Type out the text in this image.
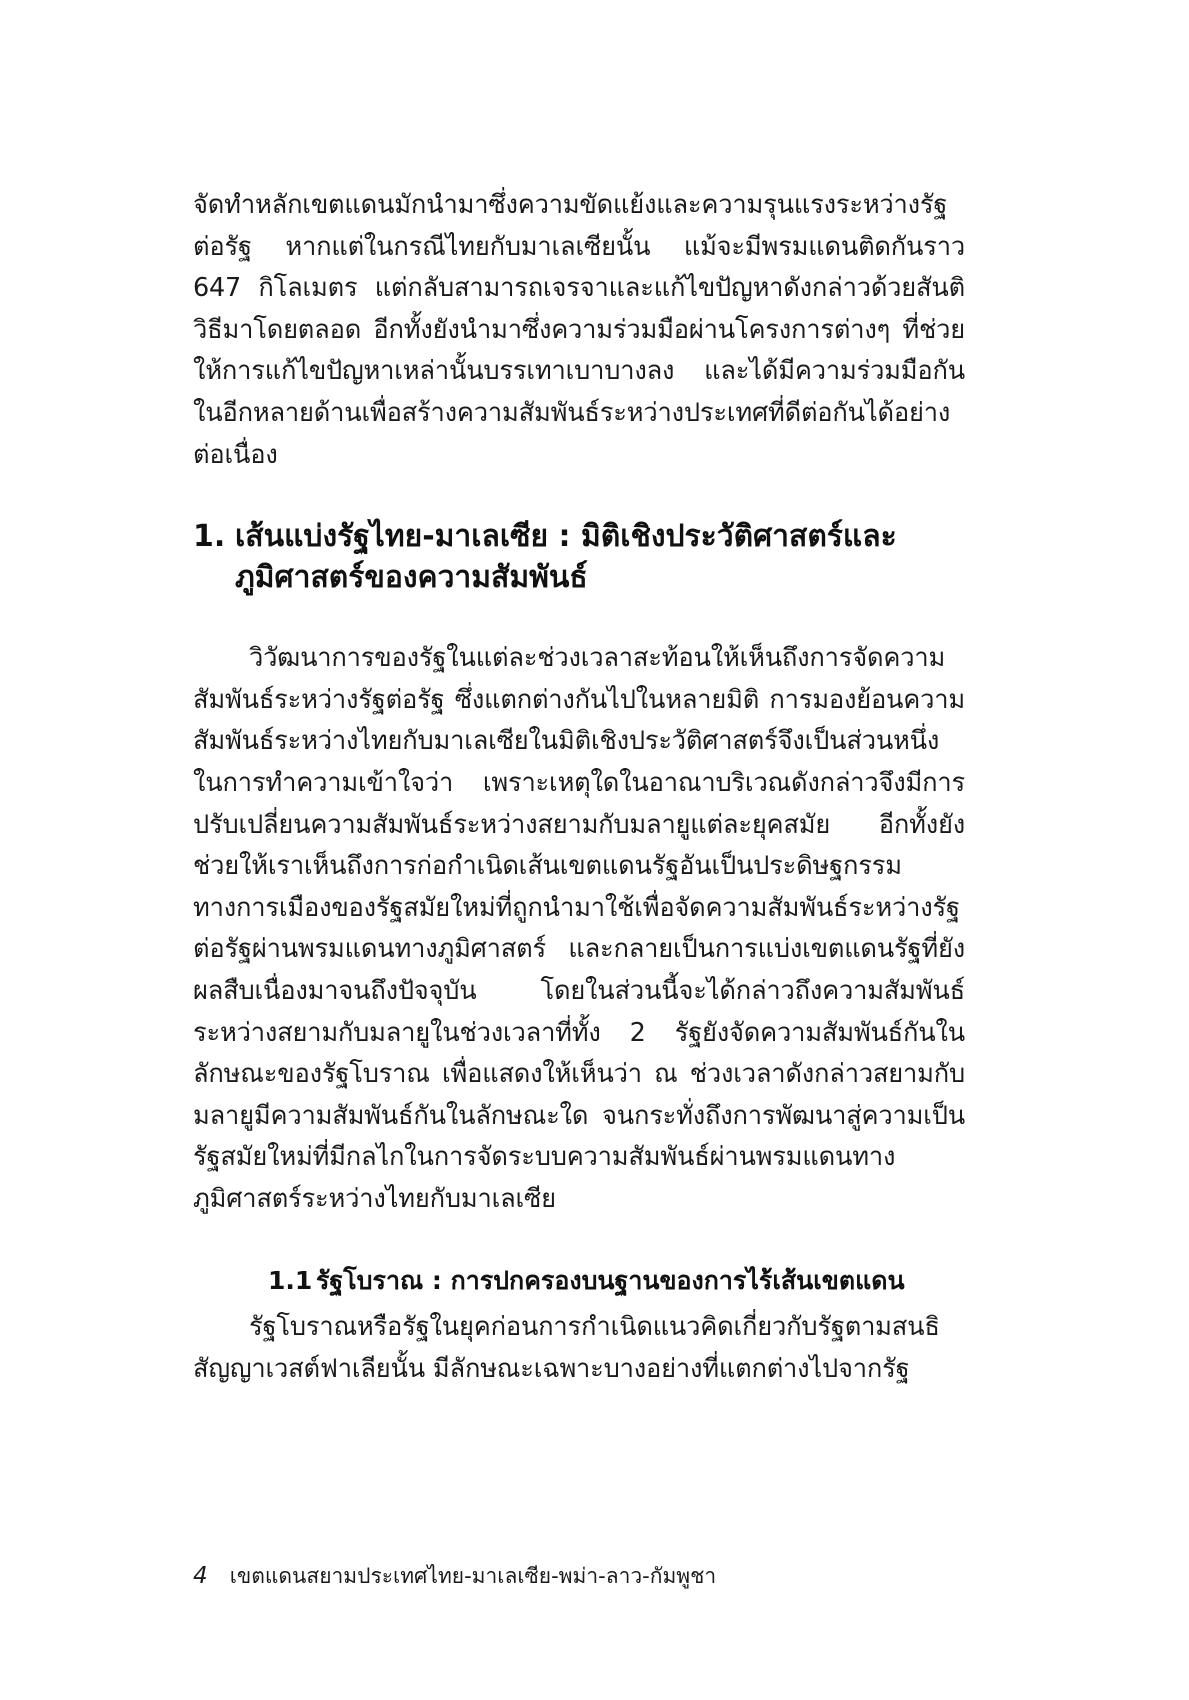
จัดทำหลักเขตแดนมักนำมาซึ่งความขัดแย้งและความรุนแรงระหว่างรัฐต่อรัฐ หากแต่ในกรณีไทยกับมาเลเซียนั้น แม้จะมีพรมแดนติดกันราว 647 กิโลเมตร แต่กลับสามารถเจรจาและแก้ไขปัญหาดังกล่าวด้วยสันติวิธีมาโดยตลอด อีกทั้งยังนำมาซึ่งความร่วมมือผ่านโครงการต่างๆ ที่ช่วยให้การแก้ไขปัญหาเหล่านั้นบรรเทาเบาบางลง และได้มีความร่วมมือกันในอีกหลายด้านเพื่อสร้างความสัมพันธ์ระหว่างประเทศที่ดีต่อกันได้อย่างต่อเนื่อง

1. เส้นแบ่งรัฐไทย-มาเลเซีย : มิติเชิงประวัติศาสตร์และภูมิศาสตร์ของความสัมพันธ์

วิวัฒนาการของรัฐในแต่ละช่วงเวลาสะท้อนให้เห็นถึงการจัดความสัมพันธ์ระหว่างรัฐต่อรัฐ ซึ่งแตกต่างกันไปในหลายมิติ การมองย้อนความสัมพันธ์ระหว่างไทยกับมาเลเซียในมิติเชิงประวัติศาสตร์จึงเป็นส่วนหนึ่งในการทำความเข้าใจว่า เพราะเหตุใดในอาณาบริเวณดังกล่าวจึงมีการปรับเปลี่ยนความสัมพันธ์ระหว่างสยามกับมลายูแต่ละยุคสมัย อีกทั้งยังช่วยให้เราเห็นถึงการก่อกำเนิดเส้นเขตแดนรัฐอันเป็นประดิษฐกรรมทางการเมืองของรัฐสมัยใหม่ที่ถูกนำมาใช้เพื่อจัดความสัมพันธ์ระหว่างรัฐต่อรัฐผ่านพรมแดนทางภูมิศาสตร์ และกลายเป็นการแบ่งเขตแดนรัฐที่ยังผลสืบเนื่องมาจนถึงปัจจุบัน โดยในส่วนนี้จะได้กล่าวถึงความสัมพันธ์ระหว่างสยามกับมลายูในช่วงเวลาที่ทั้ง 2 รัฐยังจัดความสัมพันธ์กันในลักษณะของรัฐโบราณ เพื่อแสดงให้เห็นว่า ณ ช่วงเวลาดังกล่าวสยามกับมลายูมีความสัมพันธ์กันในลักษณะใด จนกระทั่งถึงการพัฒนาสู่ความเป็นรัฐสมัยใหม่ที่มีกลไกในการจัดระบบความสัมพันธ์ผ่านพรมแดนทางภูมิศาสตร์ระหว่างไทยกับมาเลเซีย

1.1 รัฐโบราณ : การปกครองบนฐานของการไร้เส้นเขตแดน

รัฐโบราณหรือรัฐในยุคก่อนการกำเนิดแนวคิดเกี่ยวกับรัฐตามสนธิสัญญาเวสต์ฟาเลียนั้น มีลักษณะเฉพาะบางอย่างที่แตกต่างไปจากรัฐ

4 เขตแดนสยามประเทศไทย-มาเลเซีย-พม่า-ลาว-กัมพูชา
